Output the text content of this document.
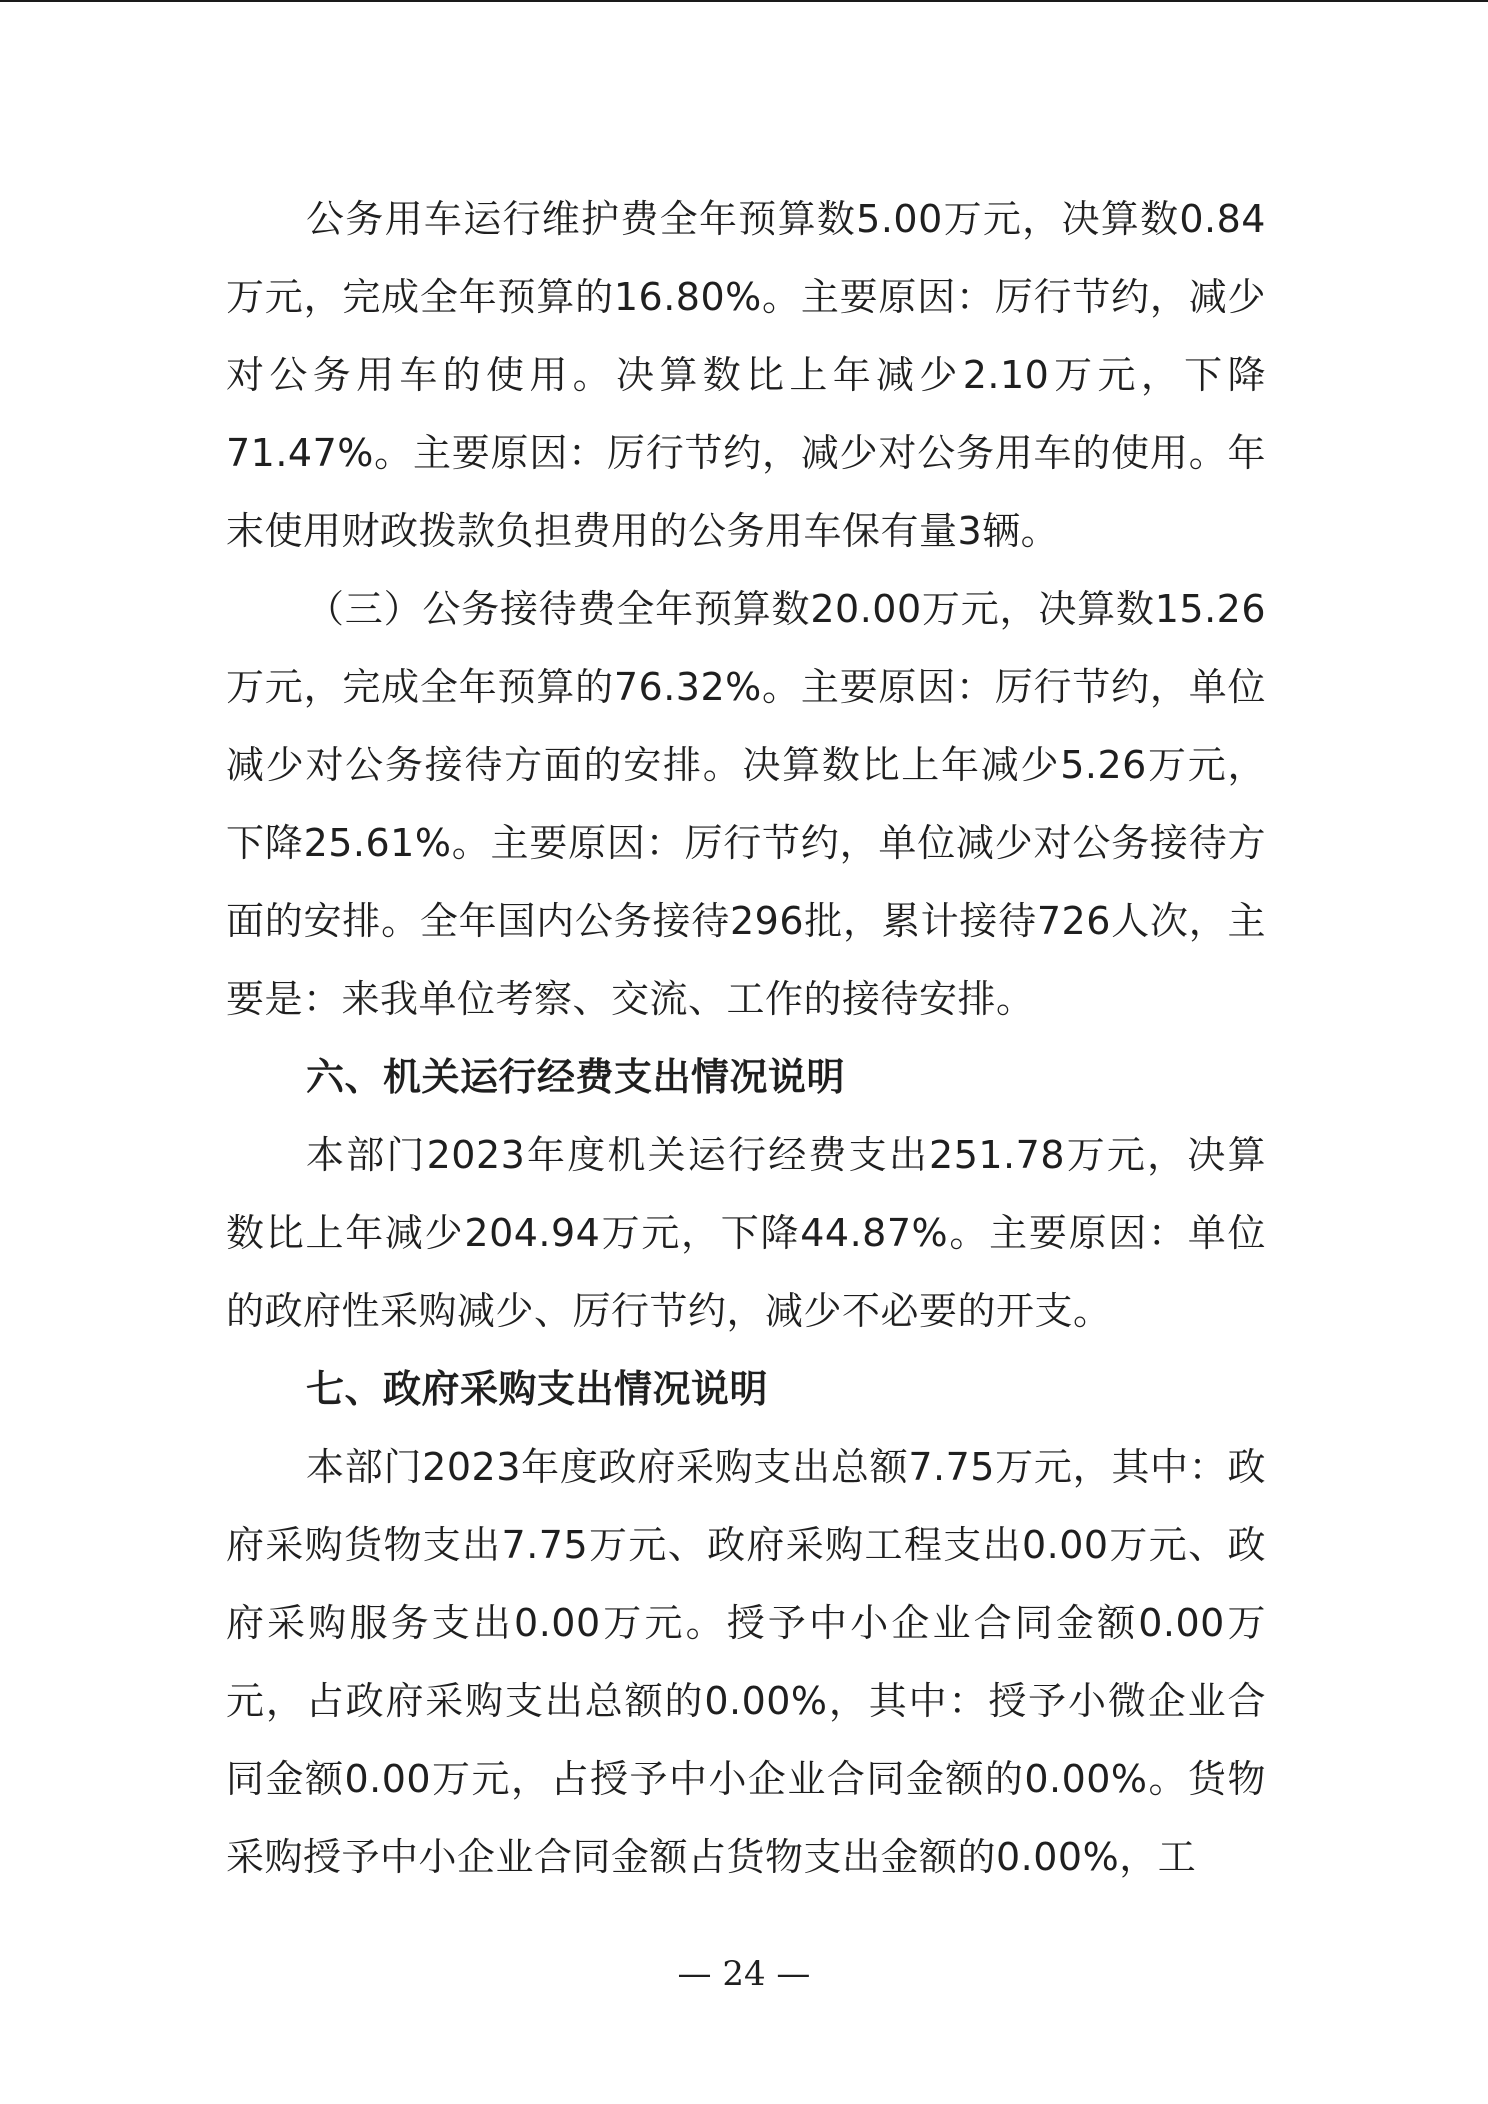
公务用车运行维护费全年预算数5.00万元，决算数0.84万元，完成全年预算的16.80%。主要原因：厉行节约，减少对公务用车的使用。决算数比上年减少2.10万元，下降71.47%。主要原因：厉行节约，减少对公务用车的使用。年末使用财政拨款负担费用的公务用车保有量3辆。

（三）公务接待费全年预算数20.00万元，决算数15.26万元，完成全年预算的76.32%。主要原因：厉行节约，单位减少对公务接待方面的安排。决算数比上年减少5.26万元，下降25.61%。主要原因：厉行节约，单位减少对公务接待方面的安排。全年国内公务接待296批，累计接待726人次，主要是：来我单位考察、交流、工作的接待安排。

六、机关运行经费支出情况说明

本部门2023年度机关运行经费支出251.78万元，决算数比上年减少204.94万元，下降44.87%。主要原因：单位的政府性采购减少、厉行节约，减少不必要的开支。

七、政府采购支出情况说明

本部门2023年度政府采购支出总额7.75万元，其中：政府采购货物支出7.75万元、政府采购工程支出0.00万元、政府采购服务支出0.00万元。授予中小企业合同金额0.00万元，占政府采购支出总额的0.00%，其中：授予小微企业合同金额0.00万元，占授予中小企业合同金额的0.00%。货物采购授予中小企业合同金额占货物支出金额的0.00%，工

— 24 —
